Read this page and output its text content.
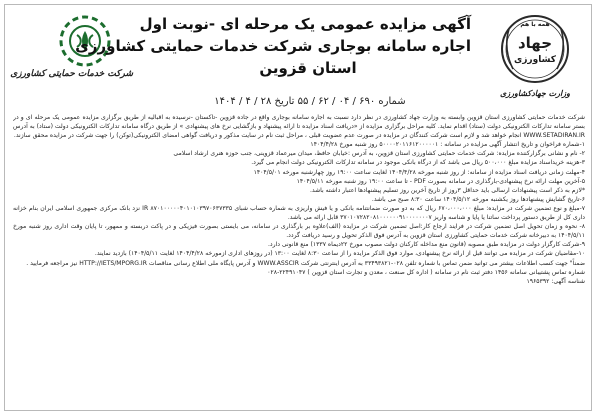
شرکت خدمات حمایتی کشاورزی
آگهی مزایده عمومی یک مرحله ای -نوبت اول
اجاره سامانه بوجاری شرکت خدمات حمایتی کشاورزی
استان قزوین
همه با هم
جهاد
کشاورزی
وزارت جهادکشاورزی
شماره ۶۹۰ / ۰۴ / ۶۲ / ۵۵ تاریخ ۲۸ / ۴ / ۱۴۰۴

شرکت خدمات حمایتی کشاورزی استان قزوین وابسته به وزارت جهاد کشاورزی در نظر دارد نسبت به اجاره سامانه بوجاری واقع در جاده قزوین -تاکستان -نرسیده به اقبالیه از طریق برگزاری مزایده عمومی یک مرحله ای و در بستر سامانه تدارکات الکترونیکی دولت (ستاد) اقدام نماید. کلیه مراحل برگزاری مزایده از «دریافت اسناد مزایده تا ارائه پیشنهاد و بازگشایی نرخ های پیشنهادی » از طریق درگاه سامانه تدارکات الکترونیکی دولت (ستاد) به آدرس WWW.SETADIRAN.IR انجام خواهد شد و لازم است شرکت کنندگان در مزایده در صورت عدم عضویت قبلی ، مراحل ثبت نام در سایت مذکور و دریافت گواهی امضای الکترونیکی(توکن) را جهت شرکت در مزایده محقق سازند.

۱-شماره فراخوان و تاریخ انتشار آگهی مزایده در سامانه : ۵۰۰۰۰۲۰۱۱۶۱۲۰۰۰۰۰۱ روز شنبه مورخ ۱۴۰۴/۴/۲۸

۲- نام و نشانی برگزارکننده مزایده: شرکت خدمات حمایتی کشاورزی استان قزوین، به آدرس :خیابان حافظ، میدان میرعماد قزوینی، جنب حوزه هنری ارشاد اسلامی

۳-هزینه خریداسناد مزایده مبلغ ۵۰۰،۰۰۰ ریال می باشد که از درگاه بانکی موجود در سامانه تدارکات الکترونیکی دولت انجام می گیرد.

۴-مهلت زمانی دریافت اسناد مزایده از سامانه: از روز شنبه مورخه ۱۴۰۴/۴/۲۸ لغایت ساعت ۱۹:۰۰ روز چهارشنبه مورخه ۱۴۰۴/۵/۰۱

۵-آخرین مهلت ارائه نرخ پیشنهادی-بارگذاری در سامانه بصورت PDF - تا ساعت ۱۹:۰۰ روز شنبه مورخه ۱۴۰۴/۵/۱۱

*لازم به ذکر است پیشنهادات ارسالی باید حداقل ۳روز از تاریخ آخرین روز تسلیم پیشنهادها اعتبار داشته باشد.

۶-تاریخ گشایش پیشنهادها روز یکشنبه مورخه ۱۴۰۴/۵/۱۲ ساعت ۸:۳۰ صبح می باشد.

۷-مبلغ و نوع تضمین شرکت در مزایده: مبلغ ۶۷۰،۰۰۰،۰۰۰ ریال که به دو صورت ضمانتنامه بانکی و یا فیش واریزی به شماره حساب شبای IR ۸۷۰۱۰۰۰۰۰۴۰۱۰۱۰۳۹۷۰۶۳۷۳۳۵ نزد بانک مرکزی جمهوری اسلامی ایران بنام خزانه داری کل از طریق دستور پرداخت ساتنا یا پایا و شناسه واریز ۳۷۰۱۰۷۲۸۲۰۸۱۰۰۰۰۰۰۹۱۰۰۰۰۰۰۰۷ قابل ارائه می باشد.

۸- نحوه و زمان تحویل اصل تضمین شرکت در فرایند ارجاع کار:اصل تضمین شرکت در مزایده (الف)علاوه بر بارگذاری در سامانه، می بایستی بصورت فیزیکی و در پاکت دربسته و ممهور، تا پایان وقت اداری روز شنبه مورخ ۱۴۰۴/۵/۱۱ به دبیرخانه شرکت خدمات حمایتی کشاورزی استان قزوین به آدرس فوق الذکر تحویل و رسید دریافت گردد.

۹-شرکت کارگزار دولت در مزایده طبق مصوبه (قانون منع مداخله کارکنان دولت مصوب مورخ ۲۲دیماه ۱۳۳۷) منع قانونی دارد.

۱۰-مقاضیان شرکت در مزایده می توانند قبل از ارائه نرخ پیشنهادی، موارد فوق الذکر مزایده را از ساعت ۸:۳۰ لغایت ۱۳:۰۰ (در روزهای اداری ازمورخه ۱۴۰۴/۴/۲۸ لغایت ۱۴۰۴/۵/۱۱) بازدید نمایند.

ضمناً" جهت کسب اطلاعات بیشتر می توانید ضمن تماس با شماره تلفن ۰۲۸-۳۳۴۹۳۸۲۱ به آدرس اینترنتی شرکت WWW.ASSCIR و آدرس پایگاه ملی اطلاع رسانی مناقصات HTTP://IETS/MPORG.IR نیز مراجعه فرمایید .

شماره تماس پشتیبانی سامانه ۱۴۵۶ دفتر ثبت نام در سامانه ( اداره کل صنعت ، معدن و تجارت استان قزوین ) ۲۲۴۹۱۰۴۷-۰۲۸

شناسه آگهی: ۱۹۶۵۳۹۲
